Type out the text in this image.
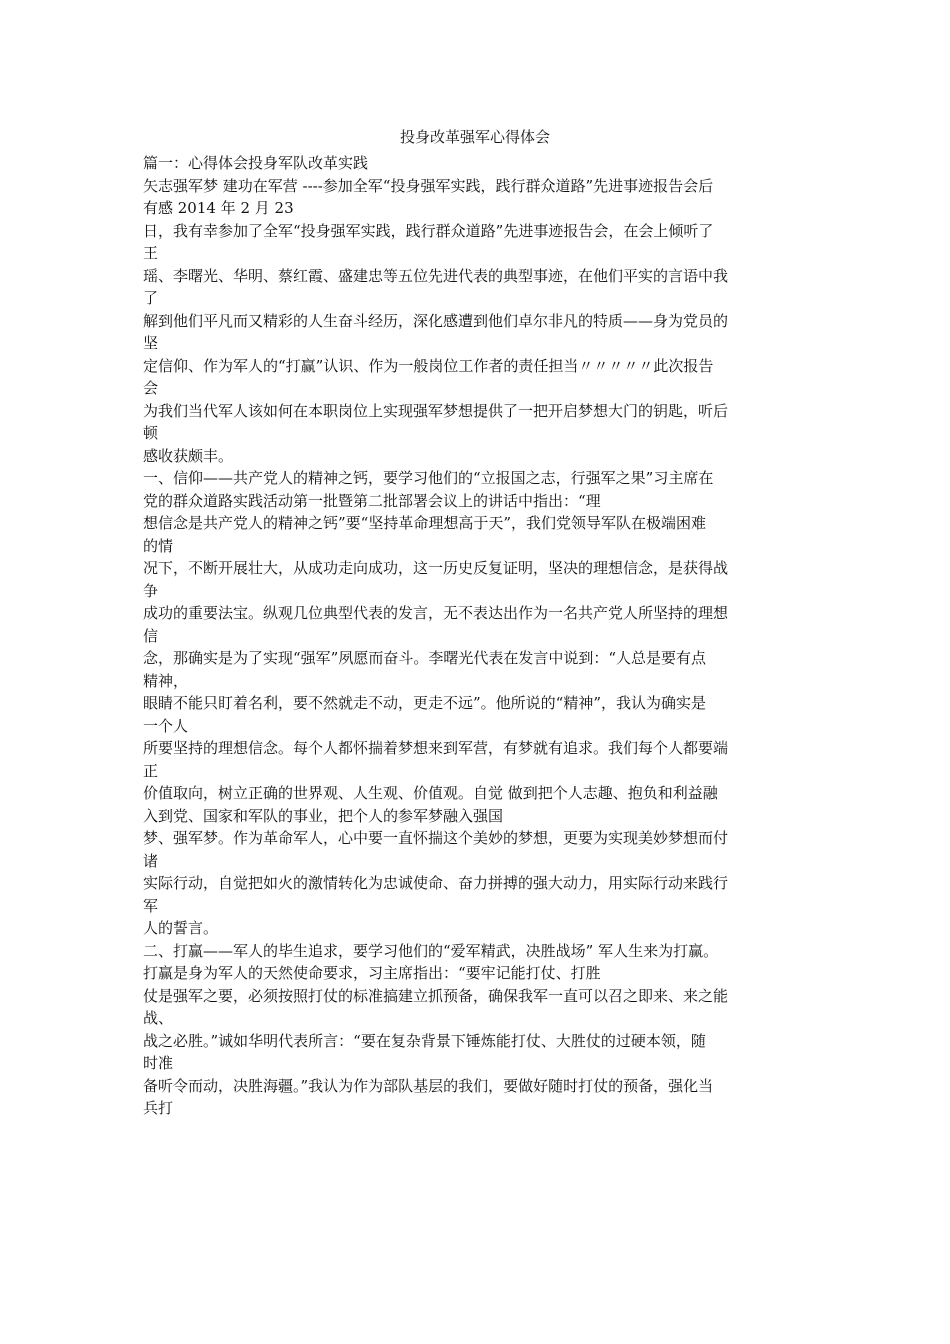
投身改革强军心得体会
篇一：心得体会投身军队改革实践
矢志强军梦 建功在军营 ----参加全军“投身强军实践，践行群众道路”先进事迹报告会后
有感 2014 年 2 月 23
日，我有幸参加了全军“投身强军实践，践行群众道路”先进事迹报告会，在会上倾听了
王
瑶、李曙光、华明、蔡红霞、盛建忠等五位先进代表的典型事迹，在他们平实的言语中我
了
解到他们平凡而又精彩的人生奋斗经历，深化感遭到他们卓尔非凡的特质——身为党员的
坚
定信仰、作为军人的“打赢”认识、作为一般岗位工作者的责任担当〃〃〃〃〃此次报告
会
为我们当代军人该如何在本职岗位上实现强军梦想提供了一把开启梦想大门的钥匙，听后
顿
感收获颇丰。
一、信仰——共产党人的精神之钙，要学习他们的“立报国之志，行强军之果”习主席在
党的群众道路实践活动第一批暨第二批部署会议上的讲话中指出：“理
想信念是共产党人的精神之钙”要“坚持革命理想高于天”，我们党领导军队在极端困难
的情
况下，不断开展壮大，从成功走向成功，这一历史反复证明，坚决的理想信念，是获得战
争
成功的重要法宝。纵观几位典型代表的发言，无不表达出作为一名共产党人所坚持的理想
信
念，那确实是为了实现“强军”夙愿而奋斗。李曙光代表在发言中说到：“人总是要有点
精神，
眼睛不能只盯着名利，要不然就走不动，更走不远”。他所说的“精神”，我认为确实是
一个人
所要坚持的理想信念。每个人都怀揣着梦想来到军营，有梦就有追求。我们每个人都要端
正
价值取向，树立正确的世界观、人生观、价值观。自觉 做到把个人志趣、抱负和利益融
入到党、国家和军队的事业，把个人的参军梦融入强国
梦、强军梦。作为革命军人，心中要一直怀揣这个美妙的梦想，更要为实现美妙梦想而付
诸
实际行动，自觉把如火的激情转化为忠诚使命、奋力拼搏的强大动力，用实际行动来践行
军
人的誓言。
二、打赢——军人的毕生追求，要学习他们的“爱军精武，决胜战场” 军人生来为打赢。
打赢是身为军人的天然使命要求，习主席指出：“要牢记能打仗、打胜
仗是强军之要，必须按照打仗的标准搞建立抓预备，确保我军一直可以召之即来、来之能
战、
战之必胜。”诚如华明代表所言：“要在复杂背景下锤炼能打仗、大胜仗的过硬本领，随
时准
备听令而动，决胜海疆。”我认为作为部队基层的我们，要做好随时打仗的预备，强化当
兵打
